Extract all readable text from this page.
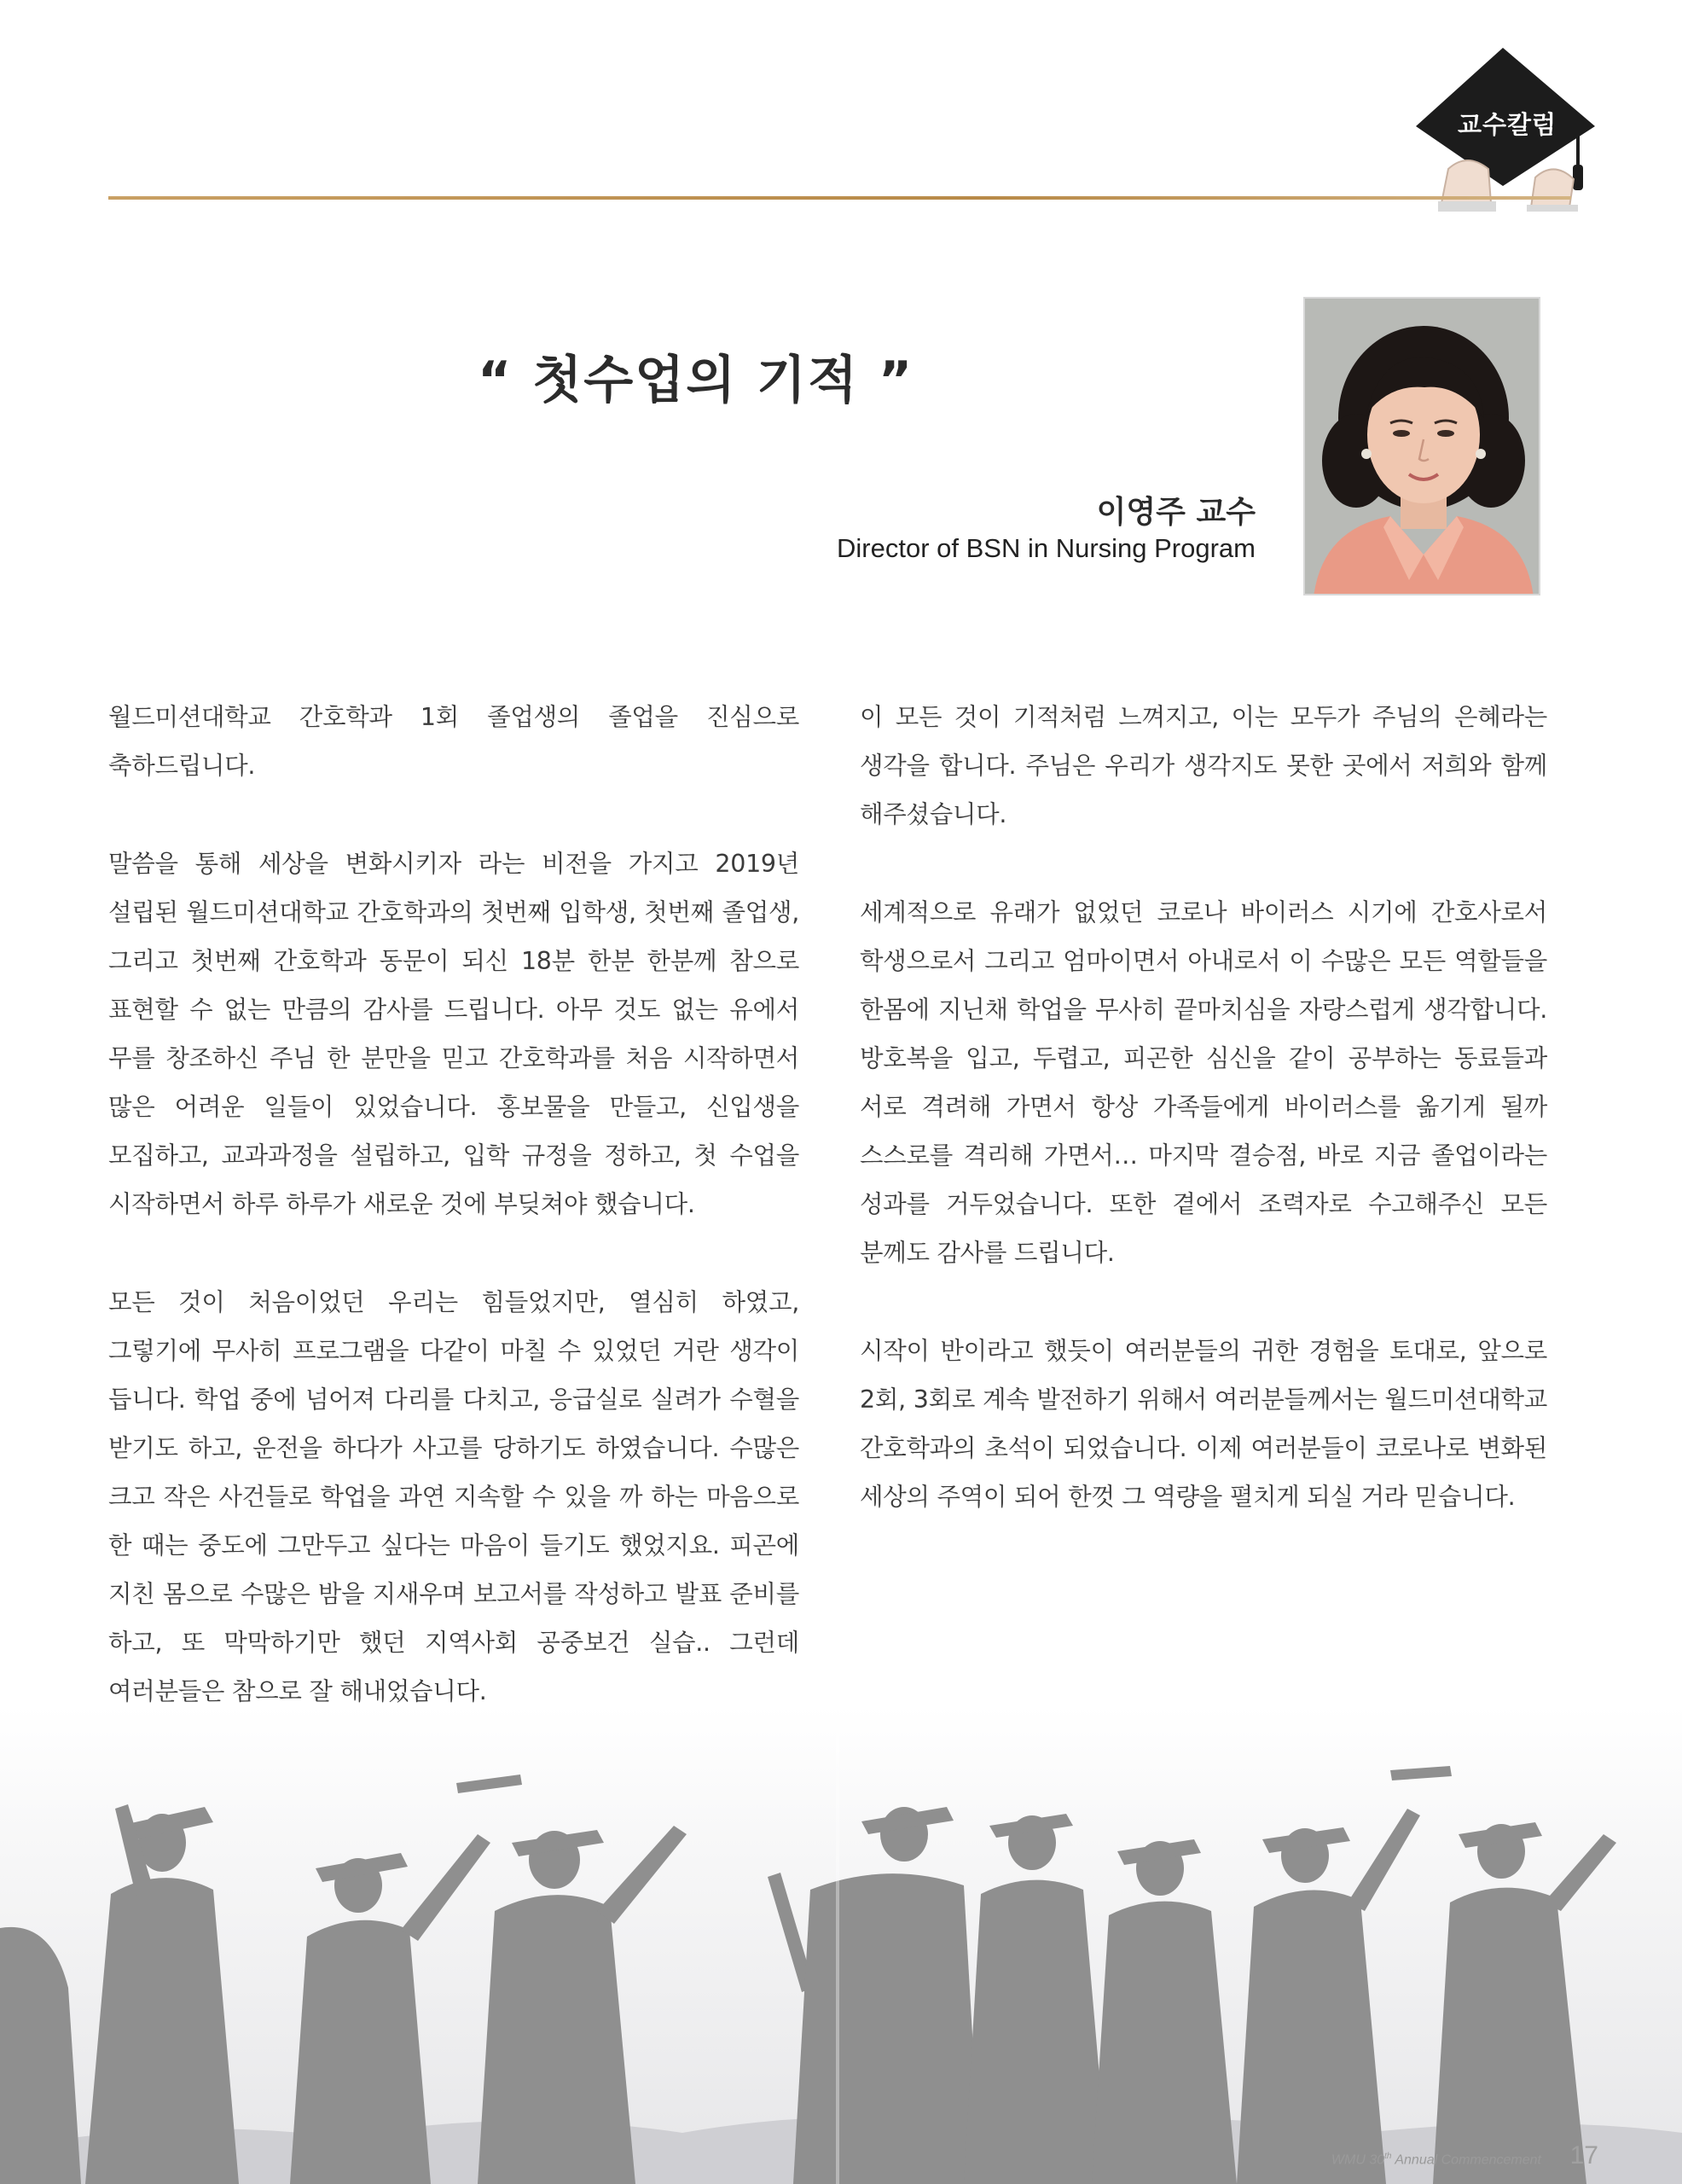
교수칼럼
“ 첫수업의 기적 ”
이영주 교수
Director of BSN in Nursing Program

월드미션대학교 간호학과 1회 졸업생의 졸업을 진심으로 축하드립니다.

말씀을 통해 세상을 변화시키자 라는 비전을 가지고 2019년 설립된 월드미션대학교 간호학과의 첫번째 입학생, 첫번째 졸업생, 그리고 첫번째 간호학과 동문이 되신 18분 한분 한분께 참으로 표현할 수 없는 만큼의 감사를 드립니다. 아무 것도 없는 유에서 무를 창조하신 주님 한 분만을 믿고 간호학과를 처음 시작하면서 많은 어려운 일들이 있었습니다. 홍보물을 만들고, 신입생을 모집하고, 교과과정을 설립하고, 입학 규정을 정하고, 첫 수업을 시작하면서 하루 하루가 새로운 것에 부딪쳐야 했습니다.

모든 것이 처음이었던 우리는 힘들었지만, 열심히 하였고, 그렇기에 무사히 프로그램을 다같이 마칠 수 있었던 거란 생각이 듭니다. 학업 중에 넘어져 다리를 다치고, 응급실로 실려가 수혈을 받기도 하고, 운전을 하다가 사고를 당하기도 하였습니다. 수많은 크고 작은 사건들로 학업을 과연 지속할 수 있을 까 하는 마음으로 한 때는 중도에 그만두고 싶다는 마음이 들기도 했었지요. 피곤에 지친 몸으로 수많은 밤을 지새우며 보고서를 작성하고 발표 준비를 하고, 또 막막하기만 했던 지역사회 공중보건 실습.. 그런데 여러분들은 참으로 잘 해내었습니다.

이 모든 것이 기적처럼 느껴지고, 이는 모두가 주님의 은혜라는 생각을 합니다. 주님은 우리가 생각지도 못한 곳에서 저희와 함께 해주셨습니다.

세계적으로 유래가 없었던 코로나 바이러스 시기에 간호사로서 학생으로서 그리고 엄마이면서 아내로서 이 수많은 모든 역할들을 한몸에 지닌채 학업을 무사히 끝마치심을 자랑스럽게 생각합니다. 방호복을 입고, 두렵고, 피곤한 심신을 같이 공부하는 동료들과 서로 격려해 가면서 항상 가족들에게 바이러스를 옮기게 될까 스스로를 격리해 가면서… 마지막 결승점, 바로 지금 졸업이라는 성과를 거두었습니다. 또한 곁에서 조력자로 수고해주신 모든 분께도 감사를 드립니다.

시작이 반이라고 했듯이 여러분들의 귀한 경험을 토대로, 앞으로 2회, 3회로 계속 발전하기 위해서 여러분들께서는 월드미션대학교 간호학과의 초석이 되었습니다. 이제 여러분들이 코로나로 변화된 세상의 주역이 되어 한껏 그 역량을 펼치게 되실 거라 믿습니다.

WMU 30th Annual Commencement 17
